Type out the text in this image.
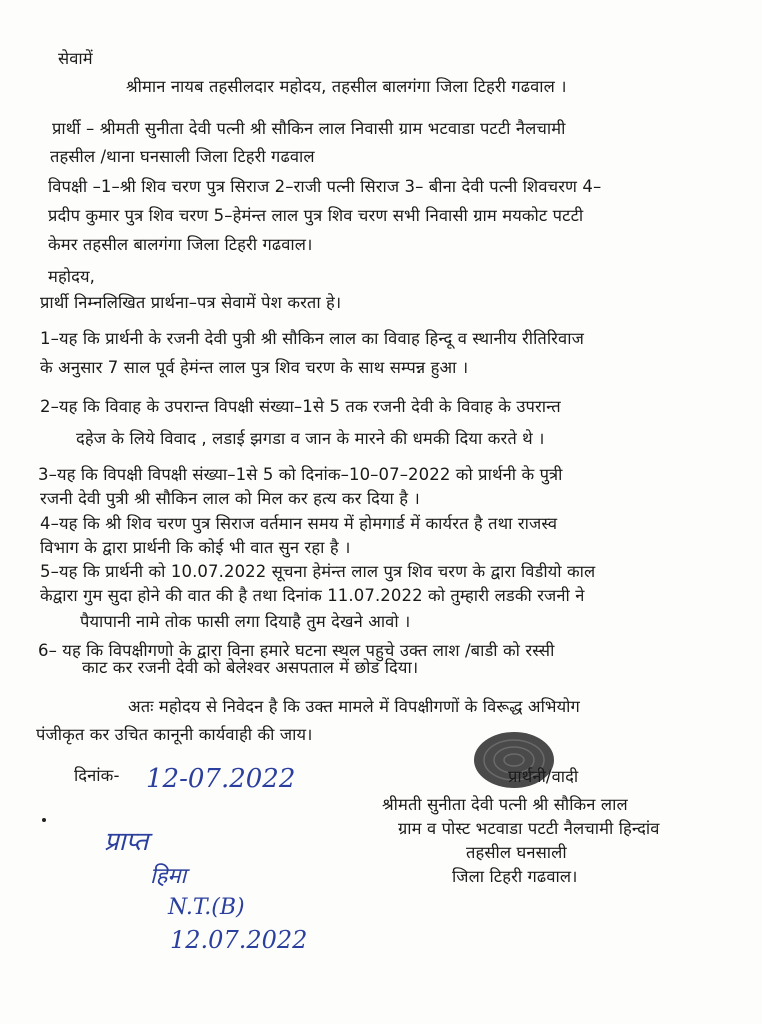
सेवामें
श्रीमान नायब तहसीलदार महोदय, तहसील बालगंगा जिला टिहरी गढवाल ।
प्रार्थी – श्रीमती सुनीता देवी पत्नी श्री सौकिन लाल निवासी ग्राम भटवाडा पटटी नैलचामी
तहसील /थाना घनसाली जिला टिहरी गढवाल
विपक्षी –1–श्री शिव चरण पुत्र सिराज 2–राजी पत्नी सिराज 3– बीना देवी पत्नी शिवचरण 4–
प्रदीप कुमार पुत्र शिव चरण 5–हेमंन्त लाल पुत्र शिव चरण सभी निवासी ग्राम मयकोट पटटी
केमर तहसील बालगंगा जिला टिहरी गढवाल।
महोदय,
प्रार्थी निम्नलिखित प्रार्थना–पत्र सेवामें पेश करता हे।
1–यह कि प्रार्थनी के रजनी देवी पुत्री श्री सौकिन लाल का विवाह हिन्दू व स्थानीय रीतिरिवाज
के अनुसार 7 साल पूर्व हेमंन्त लाल पुत्र शिव चरण के साथ सम्पन्न हुआ ।
2–यह कि विवाह के उपरान्त विपक्षी संख्या–1से 5 तक रजनी देवी के विवाह के उपरान्त
दहेज के लिये विवाद , लडाई झगडा व जान के मारने की धमकी दिया करते थे ।
3–यह कि विपक्षी विपक्षी संख्या–1से 5 को दिनांक–10–07–2022 को प्रार्थनी के पुत्री
रजनी देवी पुत्री श्री सौकिन लाल को मिल कर हत्य कर दिया है ।
4–यह कि श्री शिव चरण पुत्र सिराज वर्तमान समय में होमगार्ड में कार्यरत है तथा राजस्व
विभाग के द्वारा प्रार्थनी कि कोई भी वात सुन रहा है ।
5–यह कि प्रार्थनी को 10.07.2022 सूचना हेमंन्त लाल पुत्र शिव चरण के द्वारा विडीयो काल
केद्वारा गुम सुदा होने की वात की है तथा दिनांक 11.07.2022 को तुम्हारी लडकी रजनी ने
पैयापानी नामे तोक फासी लगा दियाहै तुम देखने आवो ।
6– यह कि विपक्षीगणो के द्वारा विना हमारे घटना स्थल पहुचे उक्त लाश /बाडी को रस्सी
काट कर रजनी देवी को बेलेश्वर असपताल में छोड दिया।
अतः महोदय से निवेदन है कि उक्त मामले में विपक्षीगणों के विरूद्ध अभियोग
पंजीकृत कर उचित कानूनी कार्यवाही की जाय।
दिनांक- 12-07.2022	प्रार्थनी/वादी
श्रीमती सुनीता देवी पत्नी श्री सौकिन लाल
ग्राम व पोस्ट भटवाडा पटटी नैलचामी हिन्दांव
तहसील घनसाली
जिला टिहरी गढवाल।
प्राप्त
हिमा
N.T.(B)
12.07.2022
